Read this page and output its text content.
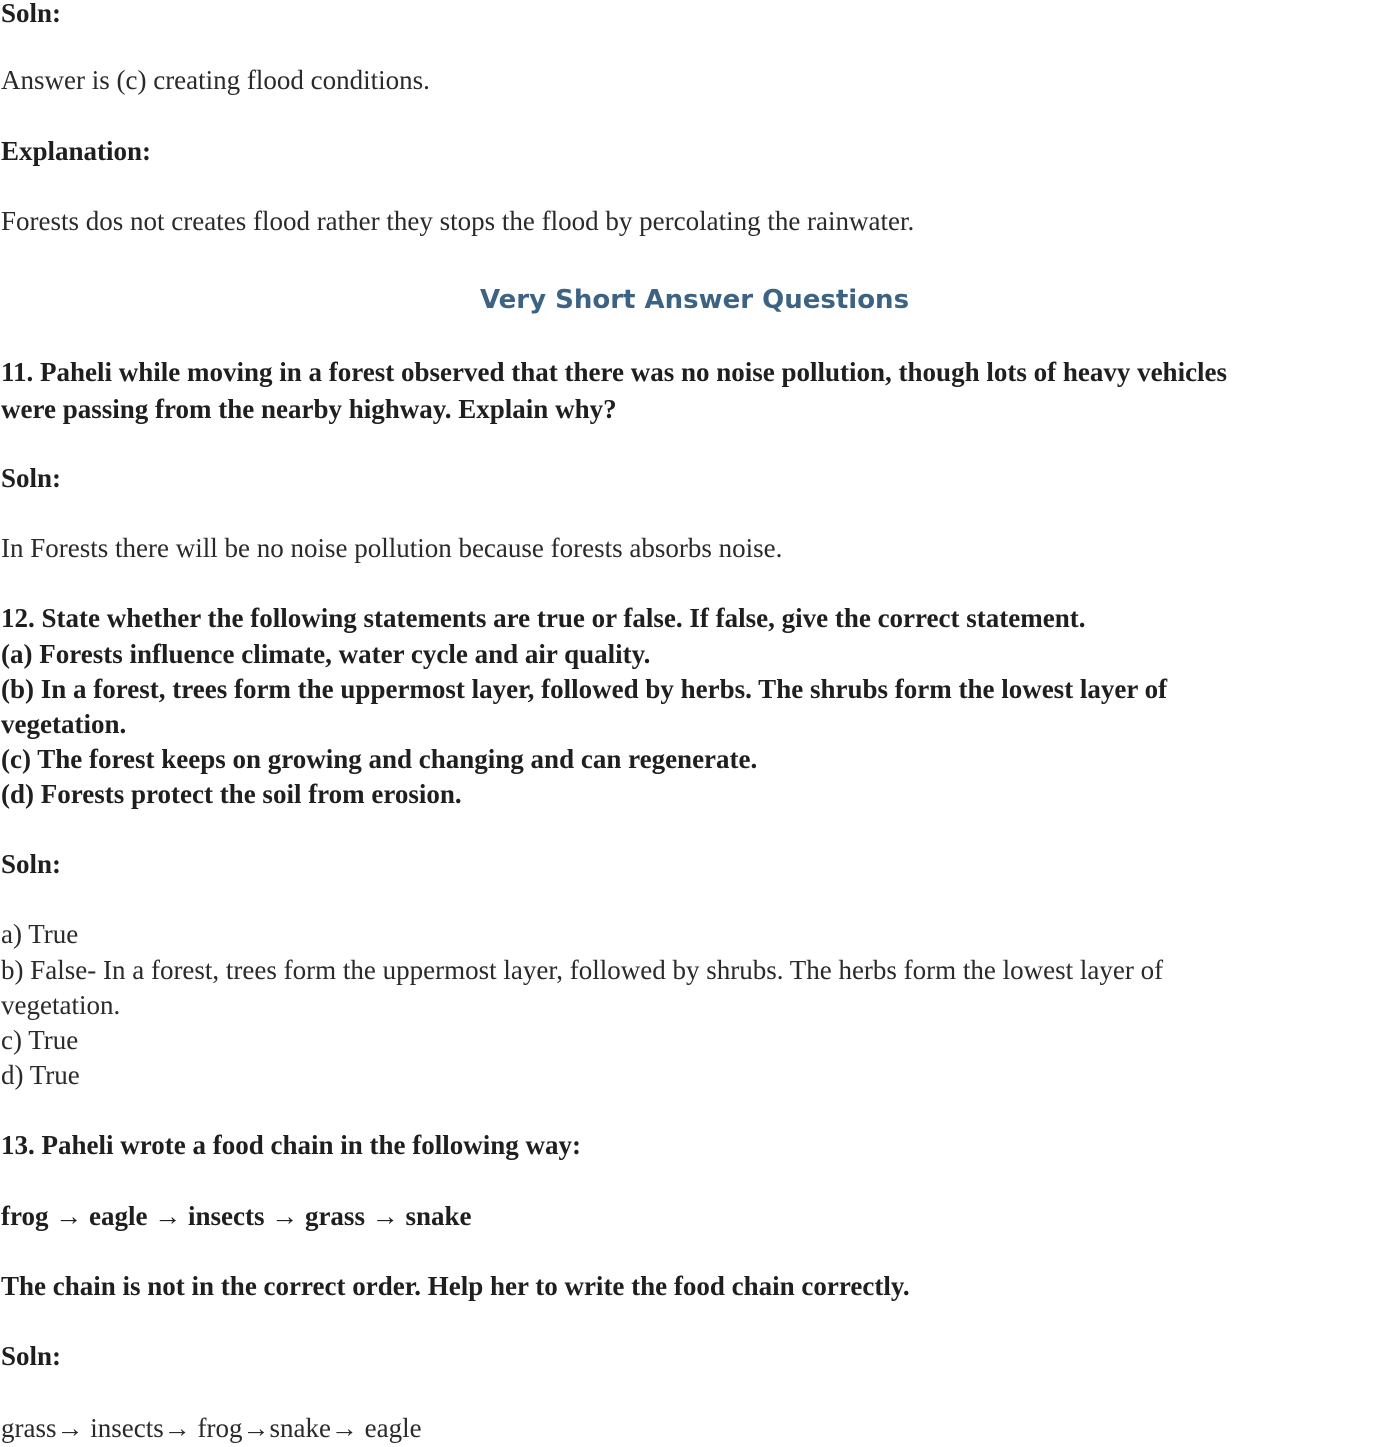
Soln:

Answer is (c) creating flood conditions.

Explanation:

Forests dos not creates flood rather they stops the flood by percolating the rainwater.

Very Short Answer Questions

11. Paheli while moving in a forest observed that there was no noise pollution, though lots of heavy vehicles

were passing from the nearby highway. Explain why?

Soln:

In Forests there will be no noise pollution because forests absorbs noise.

12. State whether the following statements are true or false. If false, give the correct statement.

(a) Forests influence climate, water cycle and air quality.

(b) In a forest, trees form the uppermost layer, followed by herbs. The shrubs form the lowest layer of

vegetation.

(c) The forest keeps on growing and changing and can regenerate.

(d) Forests protect the soil from erosion.

Soln:

a) True

b) False- In a forest, trees form the uppermost layer, followed by shrubs. The herbs form the lowest layer of

vegetation.

c) True

d) True

13. Paheli wrote a food chain in the following way:

frog → eagle → insects → grass → snake

The chain is not in the correct order. Help her to write the food chain correctly.

Soln:

grass→ insects→ frog→snake→ eagle
